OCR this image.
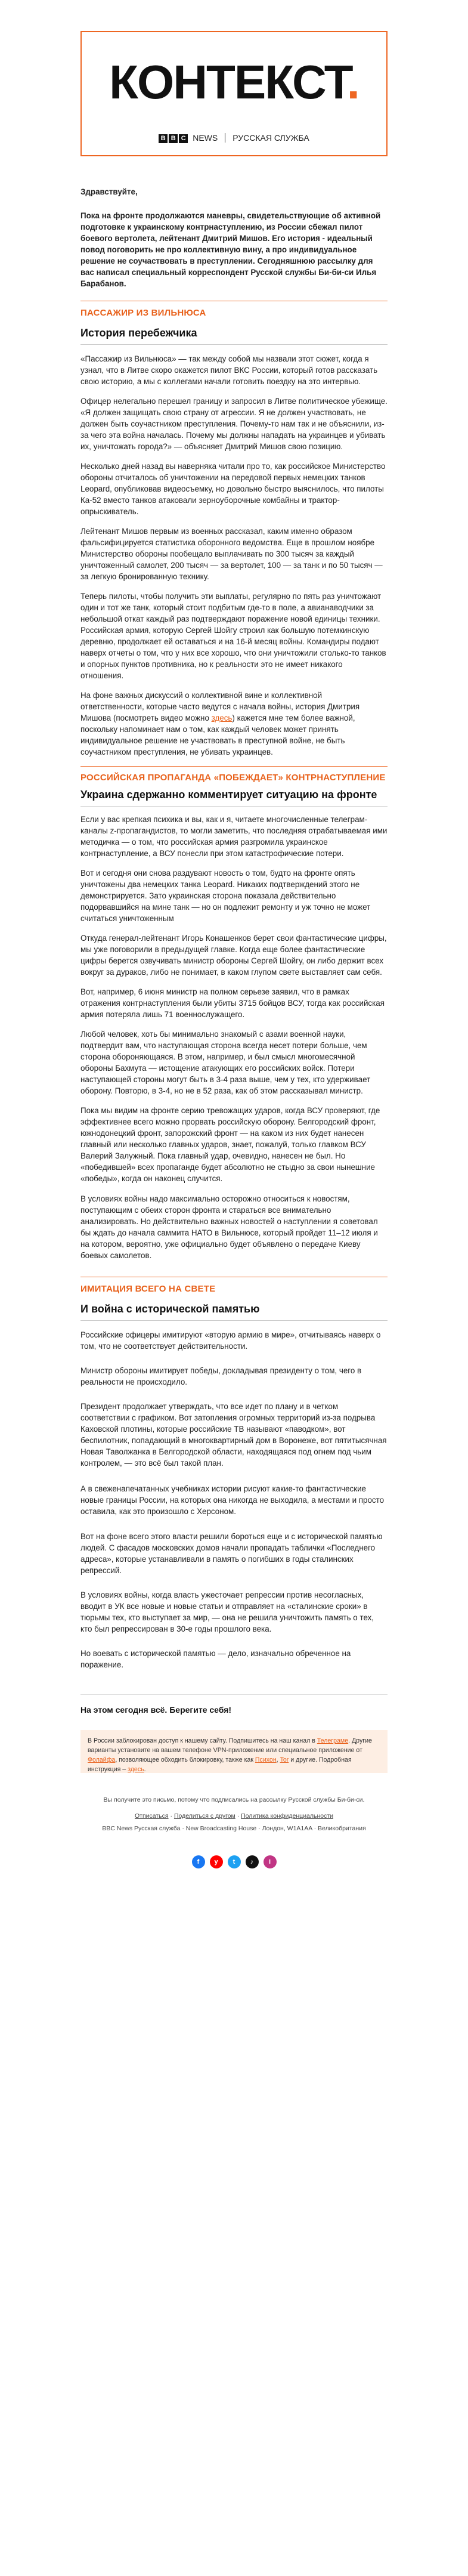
КОНТЕКСТ.
B B C NEWS РУССКАЯ СЛУЖБА
Здравствуйте,
Пока на фронте продолжаются маневры, свидетельствующие об активной подготовке к украинскому контрнаступлению, из России сбежал пилот боевого вертолета, лейтенант Дмитрий Мишов. Его история - идеальный повод поговорить не про коллективную вину, а про индивидуальное решение не соучаствовать в преступлении. Сегодняшнюю рассылку для вас написал специальный корреспондент Русской службы Би-би-си Илья Барабанов.
ПАССАЖИР ИЗ ВИЛЬНЮСА
История перебежчика
«Пассажир из Вильнюса» — так между собой мы назвали этот сюжет, когда я узнал, что в Литве скоро окажется пилот ВКС России, который готов рассказать свою историю, а мы с коллегами начали готовить поездку на это интервью.
Офицер нелегально перешел границу и запросил в Литве политическое убежище. «Я должен защищать свою страну от агрессии. Я не должен участвовать, не должен быть соучастником преступления. Почему-то нам так и не объяснили, из-за чего эта война началась. Почему мы должны нападать на украинцев и убивать их, уничтожать города?» — объясняет Дмитрий Мишов свою позицию.
Несколько дней назад вы наверняка читали про то, как российское Министерство обороны отчиталось об уничтожении на передовой первых немецких танков Leopard, опубликовав видеосъемку, но довольно быстро выяснилось, что пилоты Ка-52 вместо танков атаковали зерноуборочные комбайны и трактор-опрыскиватель.
Лейтенант Мишов первым из военных рассказал, каким именно образом фальсифицируется статистика оборонного ведомства. Еще в прошлом ноябре Министерство обороны пообещало выплачивать по 300 тысяч за каждый уничтоженный самолет, 200 тысяч — за вертолет, 100 — за танк и по 50 тысяч — за легкую бронированную технику.
Теперь пилоты, чтобы получить эти выплаты, регулярно по пять раз уничтожают один и тот же танк, который стоит подбитым где-то в поле, а авианаводчики за небольшой откат каждый раз подтверждают поражение новой единицы техники. Российская армия, которую Сергей Шойгу строил как большую потемкинскую деревню, продолжает ей оставаться и на 16-й месяц войны. Командиры подают наверх отчеты о том, что у них все хорошо, что они уничтожили столько-то танков и опорных пунктов противника, но к реальности это не имеет никакого отношения.
На фоне важных дискуссий о коллективной вине и коллективной ответственности, которые часто ведутся с начала войны, история Дмитрия Мишова (посмотреть видео можно здесь) кажется мне тем более важной, поскольку напоминает нам о том, как каждый человек может принять индивидуальное решение не участвовать в преступной войне, не быть соучастником преступления, не убивать украинцев.
РОССИЙСКАЯ ПРОПАГАНДА «ПОБЕЖДАЕТ» КОНТРНАСТУПЛЕНИЕ
Украина сдержанно комментирует ситуацию на фронте
Если у вас крепкая психика и вы, как и я, читаете многочисленные телеграм-каналы z-пропагандистов, то могли заметить, что последняя отрабатываемая ими методичка — о том, что российская армия разгромила украинское контрнаступление, а ВСУ понесли при этом катастрофические потери.
Вот и сегодня они снова раздувают новость о том, будто на фронте опять уничтожены два немецких танка Leopard. Никаких подтверждений этого не демонстрируется. Зато украинская сторона показала действительно подорвавшийся на мине танк — но он подлежит ремонту и уж точно не может считаться уничтоженным
Откуда генерал-лейтенант Игорь Конашенков берет свои фантастические цифры, мы уже поговорили в предыдущей главке. Когда еще более фантастические цифры берется озвучивать министр обороны Сергей Шойгу, он либо держит всех вокруг за дураков, либо не понимает, в каком глупом свете выставляет сам себя.
Вот, например, 6 июня министр на полном серьезе заявил, что в рамках отражения контрнаступления были убиты 3715 бойцов ВСУ, тогда как российская армия потеряла лишь 71 военнослужащего.
Любой человек, хоть бы минимально знакомый с азами военной науки, подтвердит вам, что наступающая сторона всегда несет потери больше, чем сторона обороняющаяся. В этом, например, и был смысл многомесячной обороны Бахмута — истощение атакующих его российских войск. Потери наступающей стороны могут быть в 3-4 раза выше, чем у тех, кто удерживает оборону. Повторю, в 3-4, но не в 52 раза, как об этом рассказывал министр.
Пока мы видим на фронте серию тревожащих ударов, когда ВСУ проверяют, где эффективнее всего можно прорвать российскую оборону. Белгородский фронт, южнодонецкий фронт, запорожский фронт — на каком из них будет нанесен главный или несколько главных ударов, знает, пожалуй, только главком ВСУ Валерий Залужный. Пока главный удар, очевидно, нанесен не был. Но «победившей» всех пропаганде будет абсолютно не стыдно за свои нынешние «победы», когда он наконец случится.
В условиях войны надо максимально осторожно относиться к новостям, поступающим с обеих сторон фронта и стараться все внимательно анализировать. Но действительно важных новостей о наступлении я советовал бы ждать до начала саммита НАТО в Вильнюсе, который пройдет 11–12 июля и на котором, вероятно, уже официально будет объявлено о передаче Киеву боевых самолетов.
ИМИТАЦИЯ ВСЕГО НА СВЕТЕ
И война с исторической памятью
Российские офицеры имитируют «вторую армию в мире», отчитываясь наверх о том, что не соответствует действительности.
Министр обороны имитирует победы, докладывая президенту о том, чего в реальности не происходило.
Президент продолжает утверждать, что все идет по плану и в четком соответствии с графиком. Вот затопления огромных территорий из-за подрыва Каховской плотины, которые российские ТВ называют «паводком», вот беспилотник, попадающий в многоквартирный дом в Воронеже, вот пятитысячная Новая Таволжанка в Белгородской области, находящаяся под огнем под чьим контролем, — это всё был такой план.
А в свеженапечатанных учебниках истории рисуют какие-то фантастические новые границы России, на которых она никогда не выходила, а местами и просто оставила, как это произошло с Херсоном.
Вот на фоне всего этого власти решили бороться еще и с исторической памятью людей. С фасадов московских домов начали пропадать таблички «Последнего адреса», которые устанавливали в память о погибших в годы сталинских репрессий.
В условиях войны, когда власть ужесточает репрессии против несогласных, вводит в УК все новые и новые статьи и отправляет на «сталинские сроки» в тюрьмы тех, кто выступает за мир, — она не решила уничтожить память о тех, кто был репрессирован в 30-е годы прошлого века.
Но воевать с исторической памятью — дело, изначально обреченное на поражение.
На этом сегодня всё. Берегите себя!
В России заблокирован доступ к нашему сайту. Подпишитесь на наш канал в Телеграме. Другие варианты установите на вашем телефоне VPN-приложение или специальное приложение от Фолайфа, позволяющее обходить блокировку, также как Психон, Tor и другие. Подробная инструкция – здесь.
Вы получите это письмо, потому что подписались на рассылку Русской службы Би-би-си.
Отписаться · Поделиться с другом · Политика конфиденциальности
BBC News Русская служба · New Broadcasting House · Лондон, W1A1AA · Великобритания
f	y	t	♪	i
